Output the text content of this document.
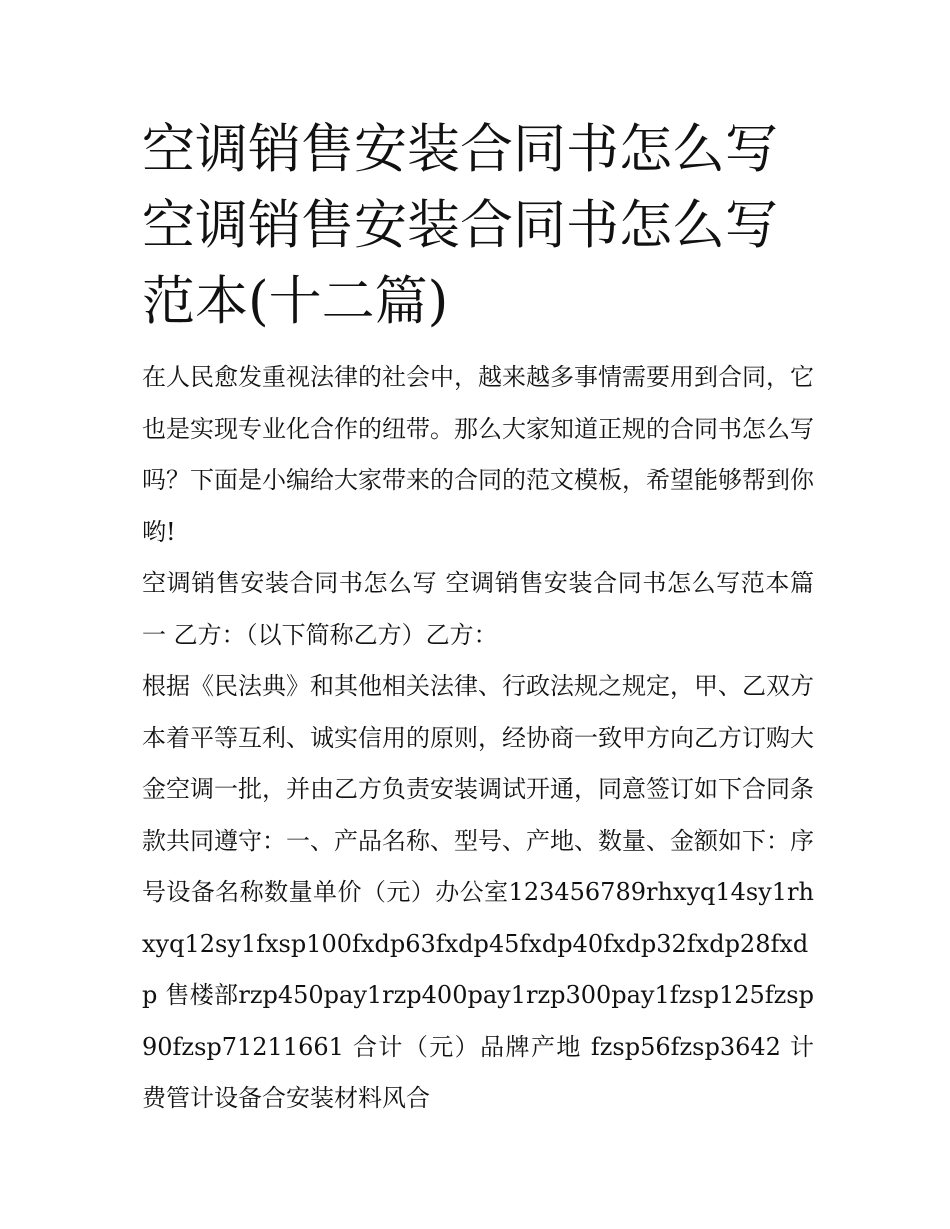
空调销售安装合同书怎么写 空调销售安装合同书怎么写范本(十二篇)

在人民愈发重视法律的社会中，越来越多事情需要用到合同，它也是实现专业化合作的纽带。那么大家知道正规的合同书怎么写吗？下面是小编给大家带来的合同的范文模板，希望能够帮到你哟!

空调销售安装合同书怎么写 空调销售安装合同书怎么写范本篇一 乙方：（以下简称乙方）乙方：

根据《民法典》和其他相关法律、行政法规之规定，甲、乙双方本着平等互利、诚实信用的原则，经协商一致甲方向乙方订购大金空调一批，并由乙方负责安装调试开通，同意签订如下合同条款共同遵守：一、产品名称、型号、产地、数量、金额如下：序号设备名称数量单价（元）办公室123456789rhxyq14sy1rhxyq12sy1fxsp100fxdp63fxdp45fxdp40fxdp32fxdp28fxdp 售楼部rzp450pay1rzp400pay1rzp300pay1fzsp125fzsp90fzsp71211661 合计（元）品牌产地 fzsp56fzsp3642 计费管计设备合安装材料风合
